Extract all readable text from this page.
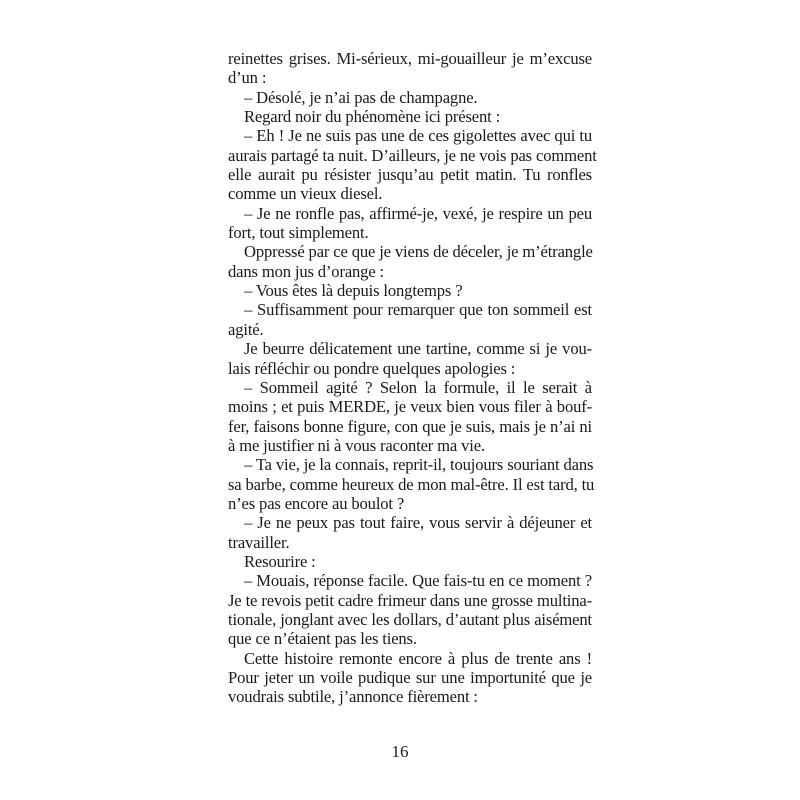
reinettes grises. Mi-sérieux, mi-gouailleur je m’excuse
d’un :
– Désolé, je n’ai pas de champagne.
Regard noir du phénomène ici présent :
– Eh ! Je ne suis pas une de ces gigolettes avec qui tu
aurais partagé ta nuit. D’ailleurs, je ne vois pas comment
elle aurait pu résister jusqu’au petit matin. Tu ronfles
comme un vieux diesel.
– Je ne ronfle pas, affirmé-je, vexé, je respire un peu
fort, tout simplement.
Oppressé par ce que je viens de déceler, je m’étrangle
dans mon jus d’orange :
– Vous êtes là depuis longtemps ?
– Suffisamment pour remarquer que ton sommeil est
agité.
Je beurre délicatement une tartine, comme si je vou-
lais réfléchir ou pondre quelques apologies :
– Sommeil agité ? Selon la formule, il le serait à
moins ; et puis MERDE, je veux bien vous filer à bouf-
fer, faisons bonne figure, con que je suis, mais je n’ai ni
à me justifier ni à vous raconter ma vie.
– Ta vie, je la connais, reprit-il, toujours souriant dans
sa barbe, comme heureux de mon mal-être. Il est tard, tu
n’es pas encore au boulot ?
– Je ne peux pas tout faire, vous servir à déjeuner et
travailler.
Resourire :
– Mouais, réponse facile. Que fais-tu en ce moment ?
Je te revois petit cadre frimeur dans une grosse multina-
tionale, jonglant avec les dollars, d’autant plus aisément
que ce n’étaient pas les tiens.
Cette histoire remonte encore à plus de trente ans !
Pour jeter un voile pudique sur une importunité que je
voudrais subtile, j’annonce fièrement :
16
